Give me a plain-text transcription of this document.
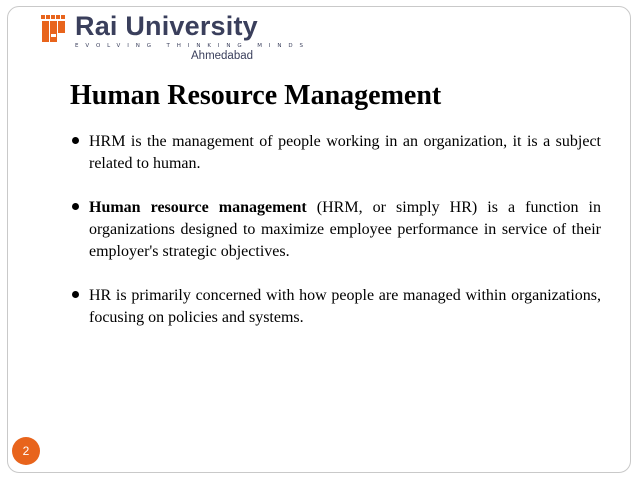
Rai University
EVOLVING THINKING MINDS
Ahmedabad
Human Resource Management
HRM is the management of people working in an organization, it is a subject related to human.
Human resource management (HRM, or simply HR) is a function in organizations designed to maximize employee performance in service of their employer's strategic objectives.
HR is primarily concerned with how people are managed within organizations, focusing on policies and systems.
2
